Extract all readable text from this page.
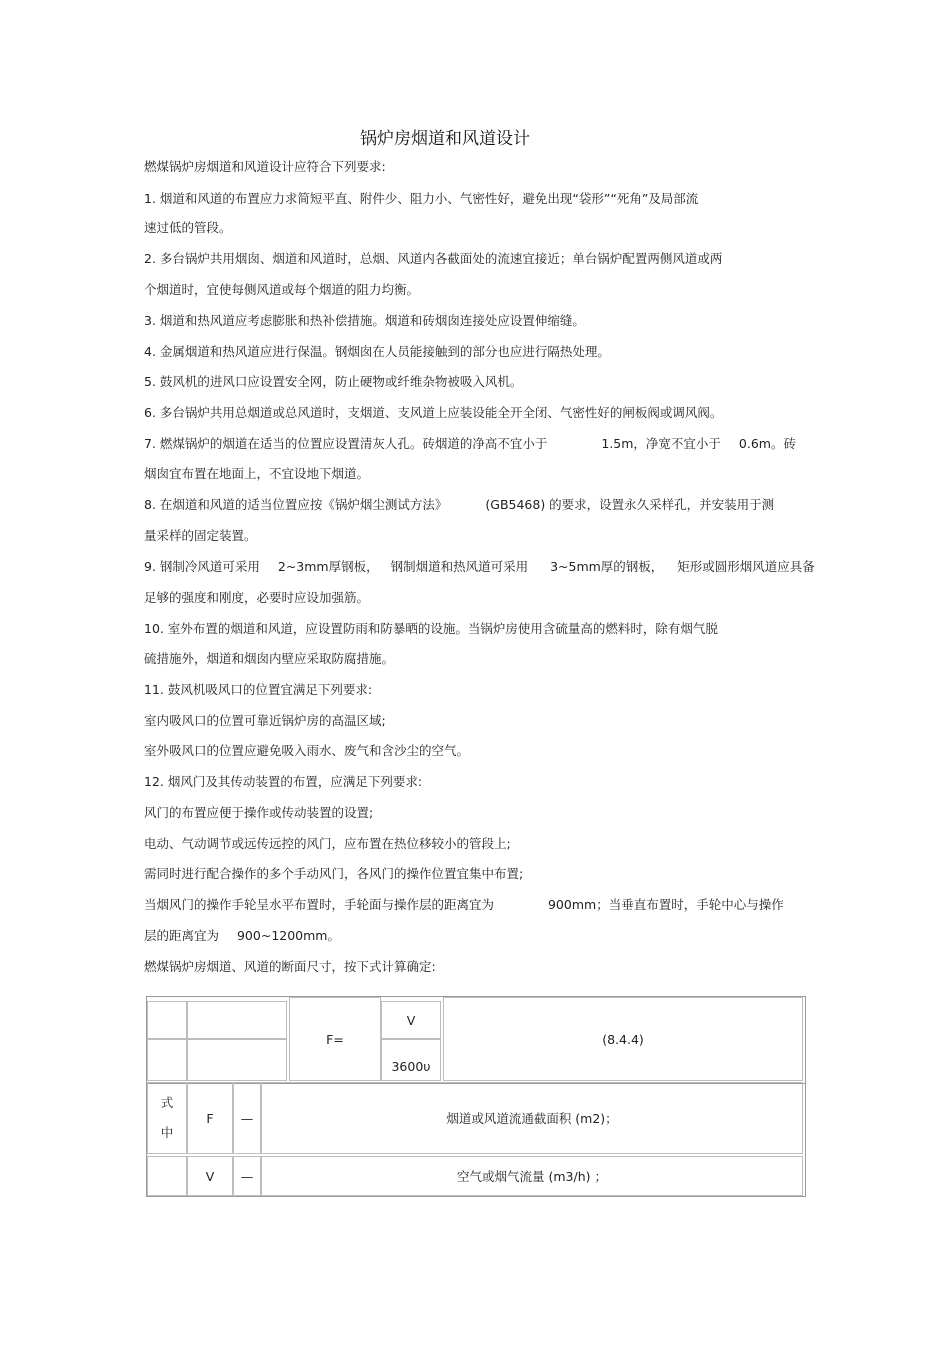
锅炉房烟道和风道设计
燃煤锅炉房烟道和风道设计应符合下列要求:
1. 烟道和风道的布置应力求简短平直、附件少、阻力小、气密性好，避免出现“袋形”“死角”及局部流
速过低的管段。
2. 多台锅炉共用烟囱、烟道和风道时，总烟、风道内各截面处的流速宜接近；单台锅炉配置两侧风道或两
个烟道时，宜使每侧风道或每个烟道的阻力均衡。
3. 烟道和热风道应考虑膨胀和热补偿措施。烟道和砖烟囱连接处应设置伸缩缝。
4. 金属烟道和热风道应进行保温。钢烟囱在人员能接触到的部分也应进行隔热处理。
5. 鼓风机的进风口应设置安全网，防止硬物或纤维杂物被吸入风机。
6. 多台锅炉共用总烟道或总风道时，支烟道、支风道上应装设能全开全闭、气密性好的闸板阀或调风阀。
7. 燃煤锅炉的烟道在适当的位置应设置清灰人孔。砖烟道的净高不宜小于	1.5m，净宽不宜小于 0.6m。砖
烟囱宜布置在地面上，不宜设地下烟道。
8. 在烟道和风道的适当位置应按《锅炉烟尘测试方法》	(GB5468) 的要求，设置永久采样孔，并安装用于测
量采样的固定装置。
9. 钢制冷风道可采用 2~3mm厚钢板， 钢制烟道和热风道可采用 3~5mm厚的钢板， 矩形或圆形烟风道应具备
足够的强度和刚度，必要时应设加强筋。
10. 室外布置的烟道和风道，应设置防雨和防暴晒的设施。当锅炉房使用含硫量高的燃料时，除有烟气脱
硫措施外，烟道和烟囱内壁应采取防腐措施。
11. 鼓风机吸风口的位置宜满足下列要求:
室内吸风口的位置可靠近锅炉房的高温区域;
室外吸风口的位置应避免吸入雨水、废气和含沙尘的空气。
12. 烟风门及其传动装置的布置，应满足下列要求:
风门的布置应便于操作或传动装置的设置;
电动、气动调节或远传远控的风门，应布置在热位移较小的管段上;
需同时进行配合操作的多个手动风门，各风门的操作位置宜集中布置;
当烟风门的操作手轮呈水平布置时，手轮面与操作层的距离宜为	900mm；当垂直布置时，手轮中心与操作
层的距离宜为 900~1200mm。
燃煤锅炉房烟道、风道的断面尺寸，按下式计算确定:
F=
V
3600υ
(8.4.4)
式
中
F	—	烟道或风道流通截面积 (m2)；
V	—	空气或烟气流量 (m3/h) ；
